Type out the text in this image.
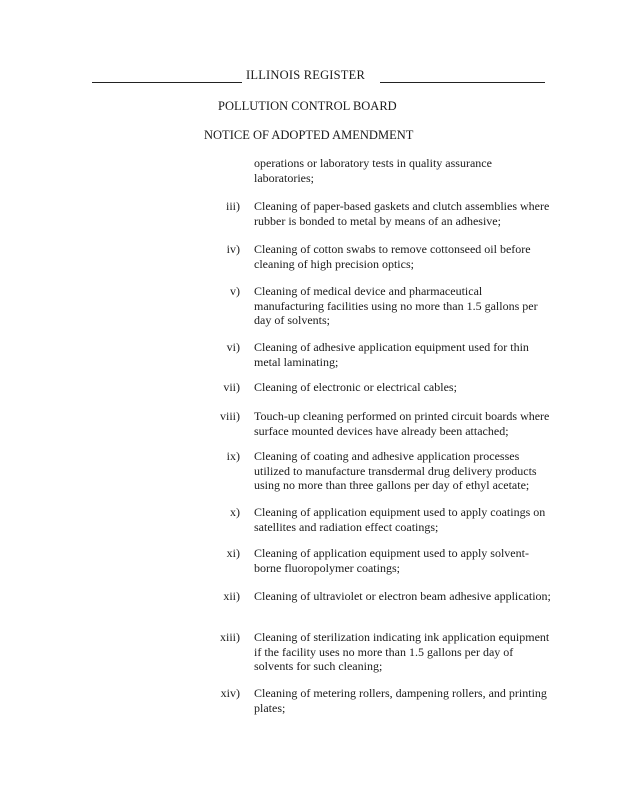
ILLINOIS REGISTER
POLLUTION CONTROL BOARD
NOTICE OF ADOPTED AMENDMENT
operations or laboratory tests in quality assurance laboratories;
iii) Cleaning of paper-based gaskets and clutch assemblies where rubber is bonded to metal by means of an adhesive;
iv) Cleaning of cotton swabs to remove cottonseed oil before cleaning of high precision optics;
v) Cleaning of medical device and pharmaceutical manufacturing facilities using no more than 1.5 gallons per day of solvents;
vi) Cleaning of adhesive application equipment used for thin metal laminating;
vii) Cleaning of electronic or electrical cables;
viii) Touch-up cleaning performed on printed circuit boards where surface mounted devices have already been attached;
ix) Cleaning of coating and adhesive application processes utilized to manufacture transdermal drug delivery products using no more than three gallons per day of ethyl acetate;
x) Cleaning of application equipment used to apply coatings on satellites and radiation effect coatings;
xi) Cleaning of application equipment used to apply solvent-borne fluoropolymer coatings;
xii) Cleaning of ultraviolet or electron beam adhesive application;
xiii) Cleaning of sterilization indicating ink application equipment if the facility uses no more than 1.5 gallons per day of solvents for such cleaning;
xiv) Cleaning of metering rollers, dampening rollers, and printing plates;
